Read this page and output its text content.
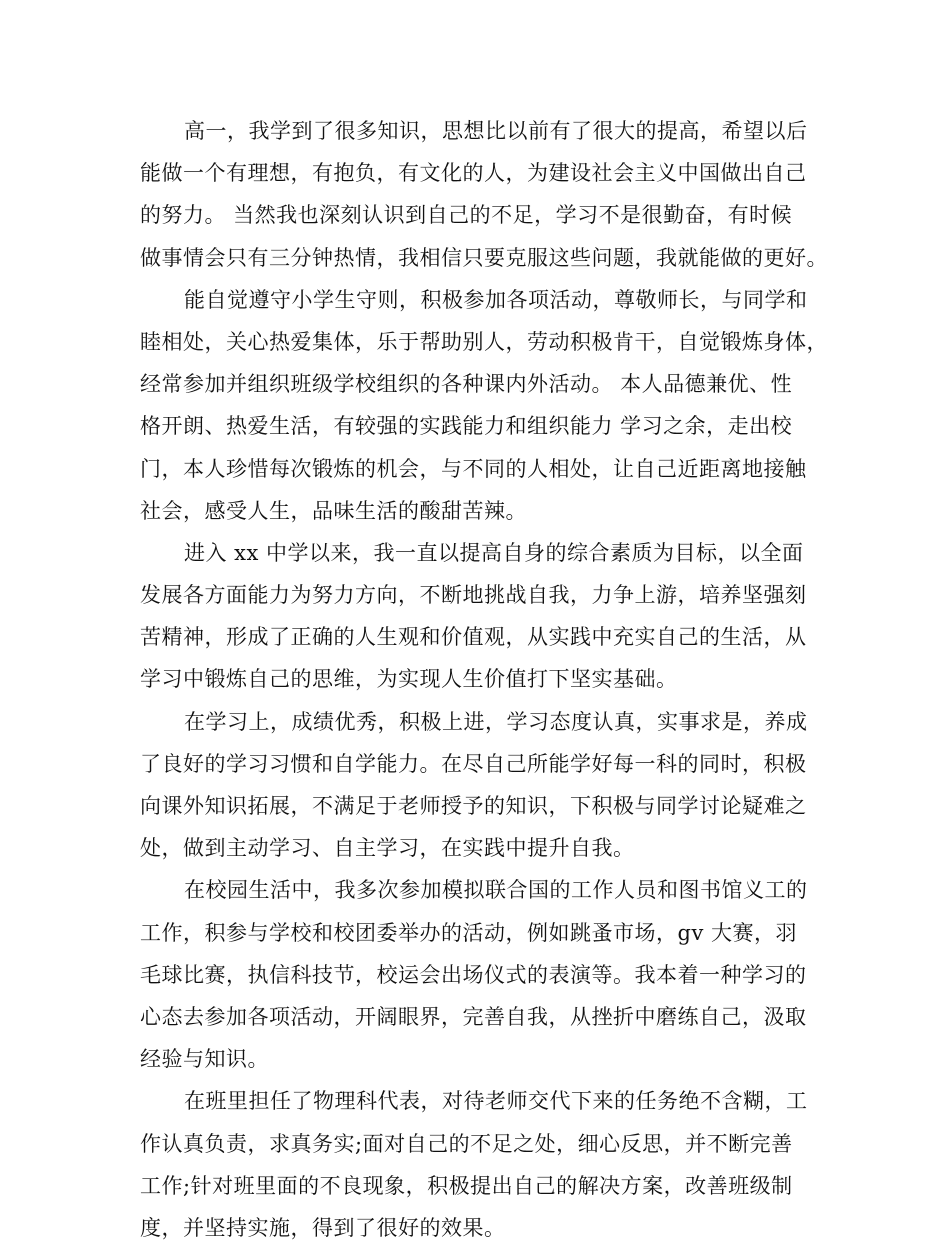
高一，我学到了很多知识，思想比以前有了很大的提高，希望以后
能做一个有理想，有抱负，有文化的人，为建设社会主义中国做出自己
的努力。 当然我也深刻认识到自己的不足，学习不是很勤奋，有时候
做事情会只有三分钟热情，我相信只要克服这些问题，我就能做的更好。
能自觉遵守小学生守则，积极参加各项活动，尊敬师长，与同学和
睦相处，关心热爱集体，乐于帮助别人，劳动积极肯干，自觉锻炼身体，
经常参加并组织班级学校组织的各种课内外活动。 本人品德兼优、性
格开朗、热爱生活，有较强的实践能力和组织能力 学习之余，走出校
门，本人珍惜每次锻炼的机会，与不同的人相处，让自己近距离地接触
社会，感受人生，品味生活的酸甜苦辣。
进入 xx 中学以来，我一直以提高自身的综合素质为目标，以全面
发展各方面能力为努力方向，不断地挑战自我，力争上游，培养坚强刻
苦精神，形成了正确的人生观和价值观，从实践中充实自己的生活，从
学习中锻炼自己的思维，为实现人生价值打下坚实基础。
在学习上，成绩优秀，积极上进，学习态度认真，实事求是，养成
了良好的学习习惯和自学能力。在尽自己所能学好每一科的同时，积极
向课外知识拓展，不满足于老师授予的知识，下积极与同学讨论疑难之
处，做到主动学习、自主学习，在实践中提升自我。
在校园生活中，我多次参加模拟联合国的工作人员和图书馆义工的
工作，积参与学校和校团委举办的活动，例如跳蚤市场，gv 大赛，羽
毛球比赛，执信科技节，校运会出场仪式的表演等。我本着一种学习的
心态去参加各项活动，开阔眼界，完善自我，从挫折中磨练自己，汲取
经验与知识。
在班里担任了物理科代表，对待老师交代下来的任务绝不含糊，工
作认真负责，求真务实;面对自己的不足之处，细心反思，并不断完善
工作;针对班里面的不良现象，积极提出自己的解决方案，改善班级制
度，并坚持实施，得到了很好的效果。
